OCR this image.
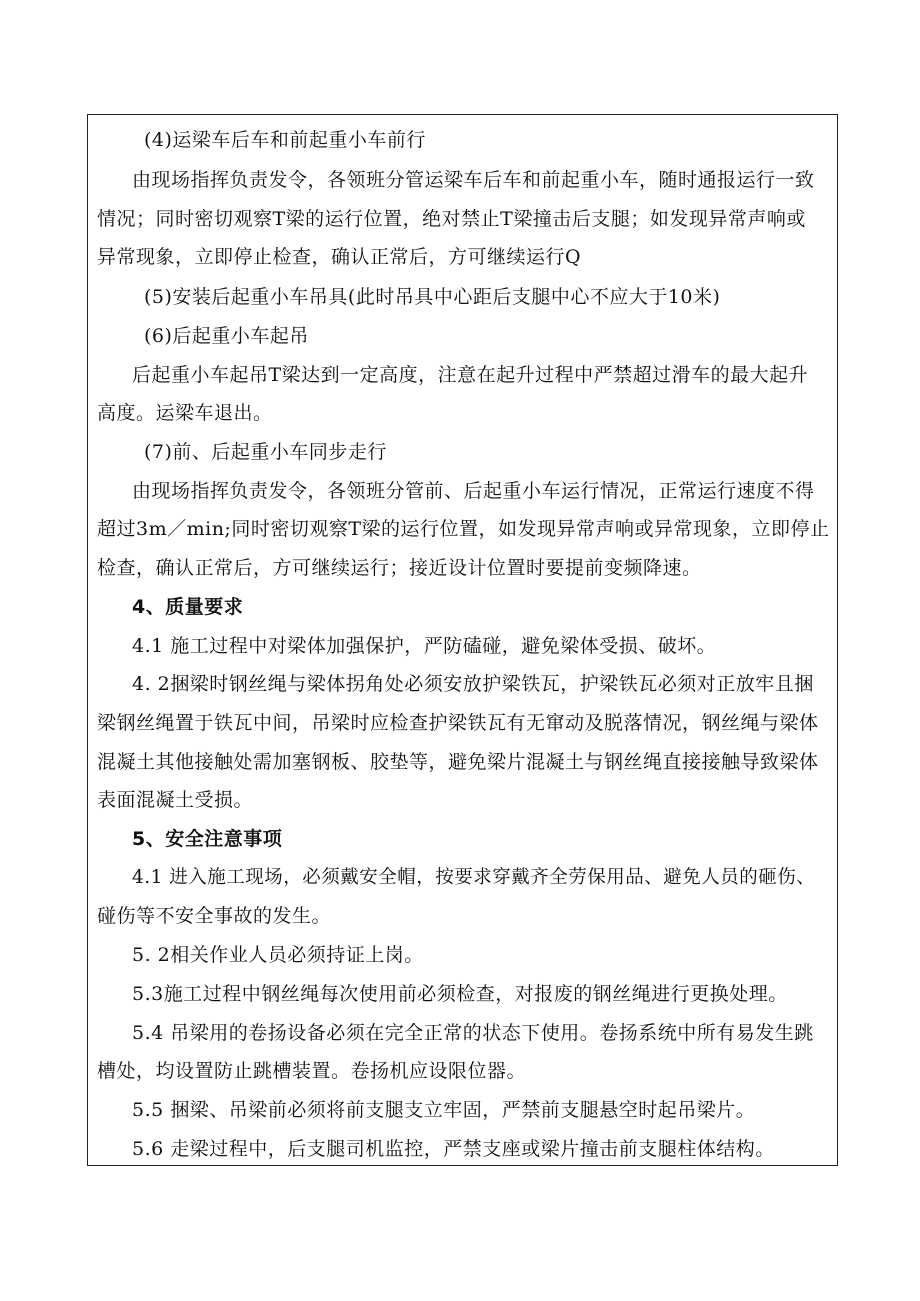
(4)运梁车后车和前起重小车前行
由现场指挥负责发令，各领班分管运梁车后车和前起重小车，随时通报运行一致
情况；同时密切观察T梁的运行位置，绝对禁止T梁撞击后支腿；如发现异常声响或
异常现象，立即停止检查，确认正常后，方可继续运行Q
(5)安装后起重小车吊具(此时吊具中心距后支腿中心不应大于10米)
(6)后起重小车起吊
后起重小车起吊T梁达到一定高度，注意在起升过程中严禁超过滑车的最大起升
高度。运梁车退出。
(7)前、后起重小车同步走行
由现场指挥负责发令，各领班分管前、后起重小车运行情况，正常运行速度不得
超过3m／min;同时密切观察T梁的运行位置，如发现异常声响或异常现象，立即停止
检查，确认正常后，方可继续运行；接近设计位置时要提前变频降速。
4、质量要求
4.1 施工过程中对梁体加强保护，严防磕碰，避免梁体受损、破坏。
4. 2捆梁时钢丝绳与梁体拐角处必须安放护梁铁瓦，护梁铁瓦必须对正放牢且捆
梁钢丝绳置于铁瓦中间，吊梁时应检查护梁铁瓦有无窜动及脱落情况，钢丝绳与梁体
混凝土其他接触处需加塞钢板、胶垫等，避免梁片混凝土与钢丝绳直接接触导致梁体
表面混凝土受损。
5、安全注意事项
4.1 进入施工现场，必须戴安全帽，按要求穿戴齐全劳保用品、避免人员的砸伤、
碰伤等不安全事故的发生。
5. 2相关作业人员必须持证上岗。
5.3施工过程中钢丝绳每次使用前必须检查，对报废的钢丝绳进行更换处理。
5.4 吊梁用的卷扬设备必须在完全正常的状态下使用。卷扬系统中所有易发生跳
槽处，均设置防止跳槽装置。卷扬机应设限位器。
5.5 捆梁、吊梁前必须将前支腿支立牢固，严禁前支腿悬空时起吊梁片。
5.6 走梁过程中，后支腿司机监控，严禁支座或梁片撞击前支腿柱体结构。
